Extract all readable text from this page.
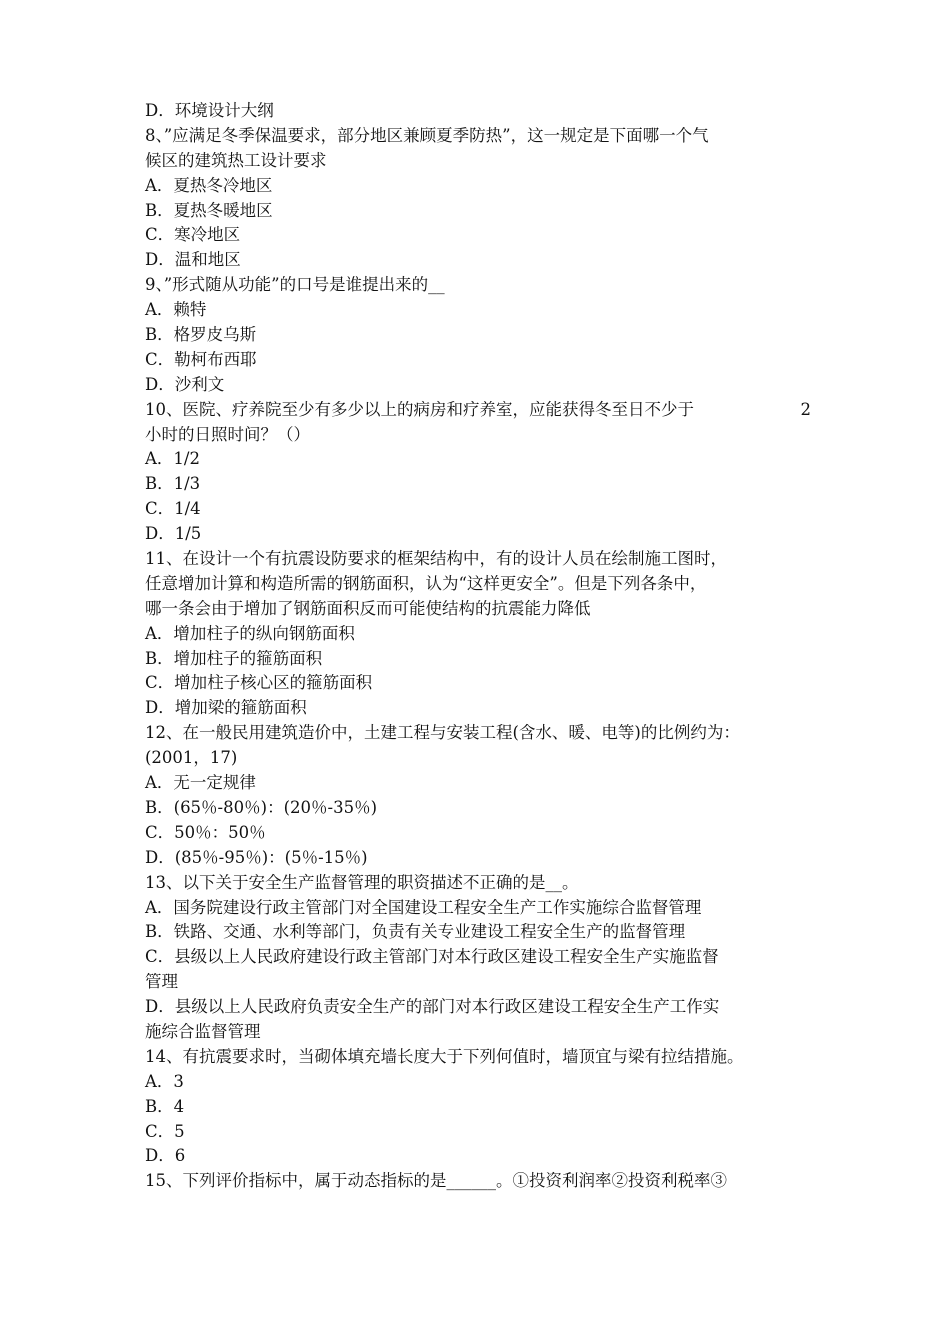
D．环境设计大纲
8、”应满足冬季保温要求，部分地区兼顾夏季防热”，这一规定是下面哪一个气
候区的建筑热工设计要求
A．夏热冬冷地区
B．夏热冬暖地区
C．寒冷地区
D．温和地区
9、”形式随从功能”的口号是谁提出来的__
A．赖特
B．格罗皮乌斯
C．勒柯布西耶
D．沙利文
10、医院、疗养院至少有多少以上的病房和疗养室，应能获得冬至日不少于	2
小时的日照时间？（）
A．1/2
B．1/3
C．1/4
D．1/5
11、在设计一个有抗震设防要求的框架结构中，有的设计人员在绘制施工图时，
任意增加计算和构造所需的钢筋面积，认为“这样更安全”。但是下列各条中，
哪一条会由于增加了钢筋面积反而可能使结构的抗震能力降低
A．增加柱子的纵向钢筋面积
B．增加柱子的箍筋面积
C．增加柱子核心区的箍筋面积
D．增加梁的箍筋面积
12、在一般民用建筑造价中，土建工程与安装工程(含水、暖、电等)的比例约为：
(2001，17)
A．无一定规律
B．(65％-80％)：(20％-35％)
C．50％：50％
D．(85％-95％)：(5％-15％)
13、以下关于安全生产监督管理的职资描述不正确的是__。
A．国务院建设行政主管部门对全国建设工程安全生产工作实施综合监督管理
B．铁路、交通、水利等部门，负责有关专业建设工程安全生产的监督管理
C．县级以上人民政府建设行政主管部门对本行政区建设工程安全生产实施监督
管理
D．县级以上人民政府负责安全生产的部门对本行政区建设工程安全生产工作实
施综合监督管理
14、有抗震要求时，当砌体填充墙长度大于下列何值时，墙顶宜与梁有拉结措施。
A．3
B．4
C．5
D．6
15、下列评价指标中，属于动态指标的是______。①投资利润率②投资利税率③
